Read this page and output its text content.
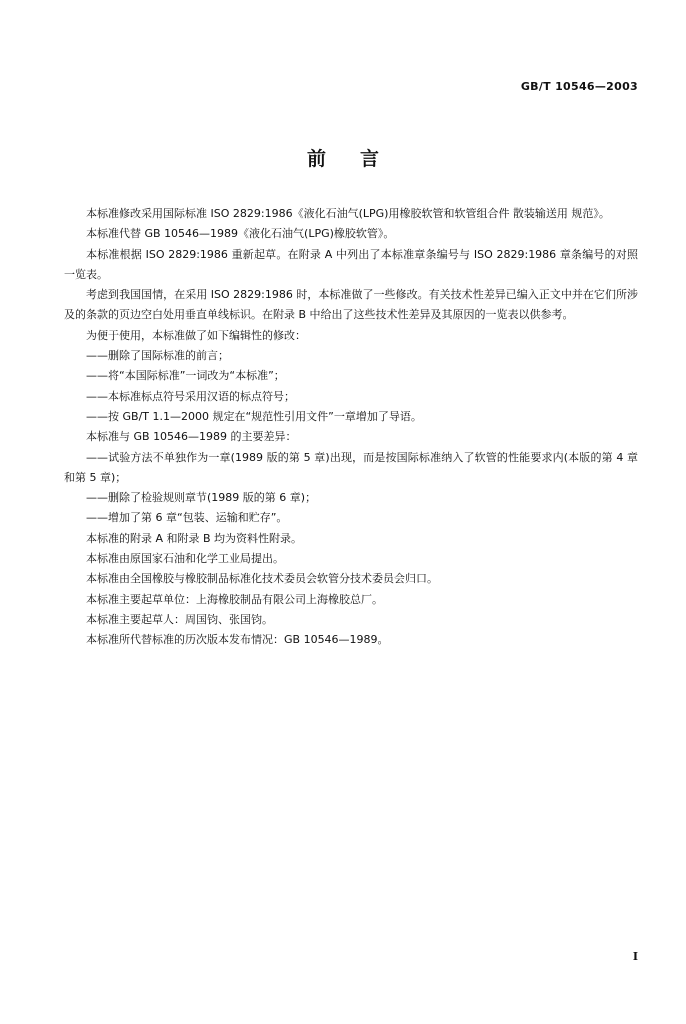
GB/T 10546—2003
前言

本标准修改采用国际标准 ISO 2829:1986《液化石油气(LPG)用橡胶软管和软管组合件 散装输送用 规范》。

本标准代替 GB 10546—1989《液化石油气(LPG)橡胶软管》。

本标准根据 ISO 2829:1986 重新起草。在附录 A 中列出了本标准章条编号与 ISO 2829:1986 章条编号的对照一览表。

考虑到我国国情，在采用 ISO 2829:1986 时，本标准做了一些修改。有关技术性差异已编入正文中并在它们所涉及的条款的页边空白处用垂直单线标识。在附录 B 中给出了这些技术性差异及其原因的一览表以供参考。

为便于使用，本标准做了如下编辑性的修改：

——删除了国际标准的前言；

——将“本国际标准”一词改为“本标准”；

——本标准标点符号采用汉语的标点符号；

——按 GB/T 1.1—2000 规定在“规范性引用文件”一章增加了导语。

本标准与 GB 10546—1989 的主要差异：

——试验方法不单独作为一章(1989 版的第 5 章)出现，而是按国际标准纳入了软管的性能要求内(本版的第 4 章和第 5 章)；

——删除了检验规则章节(1989 版的第 6 章)；

——增加了第 6 章“包装、运输和贮存”。

本标准的附录 A 和附录 B 均为资料性附录。

本标准由原国家石油和化学工业局提出。

本标准由全国橡胶与橡胶制品标准化技术委员会软管分技术委员会归口。

本标准主要起草单位：上海橡胶制品有限公司上海橡胶总厂。

本标准主要起草人：周国钧、张国钧。

本标准所代替标准的历次版本发布情况：GB 10546—1989。

I
